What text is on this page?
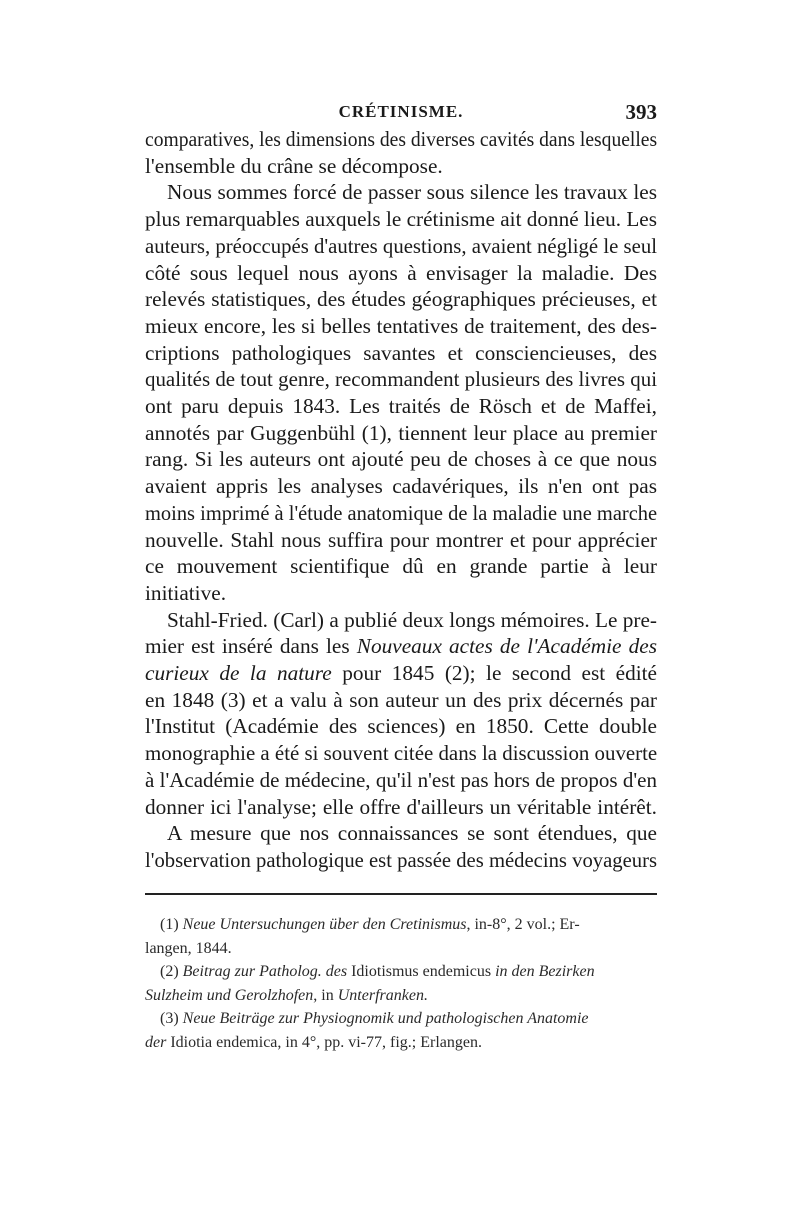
CRÉTINISME.	393
comparatives, les dimensions des diverses cavités dans lesquelles
l'ensemble du crâne se décompose.
Nous sommes forcé de passer sous silence les travaux les
plus remarquables auxquels le crétinisme ait donné lieu. Les
auteurs, préoccupés d'autres questions, avaient négligé le seul
côté sous lequel nous ayons à envisager la maladie. Des
relevés statistiques, des études géographiques précieuses, et
mieux encore, les si belles tentatives de traitement, des des-
criptions pathologiques savantes et consciencieuses, des
qualités de tout genre, recommandent plusieurs des livres qui
ont paru depuis 1843. Les traités de Rösch et de Maffei,
annotés par Guggenbühl (1), tiennent leur place au premier
rang. Si les auteurs ont ajouté peu de choses à ce que nous
avaient appris les analyses cadavériques, ils n'en ont pas
moins imprimé à l'étude anatomique de la maladie une marche
nouvelle. Stahl nous suffira pour montrer et pour apprécier
ce mouvement scientifique dû en grande partie à leur
initiative.
Stahl-Fried. (Carl) a publié deux longs mémoires. Le pre-
mier est inséré dans les Nouveaux actes de l'Académie des
curieux de la nature pour 1845 (2); le second est édité
en 1848 (3) et a valu à son auteur un des prix décernés par
l'Institut (Académie des sciences) en 1850. Cette double
monographie a été si souvent citée dans la discussion ouverte
à l'Académie de médecine, qu'il n'est pas hors de propos d'en
donner ici l'analyse; elle offre d'ailleurs un véritable intérêt.
A mesure que nos connaissances se sont étendues, que
l'observation pathologique est passée des médecins voyageurs
(1) Neue Untersuchungen über den Cretinismus, in-8°, 2 vol.; Er-
langen, 1844.
(2) Beitrag zur Patholog. des Idiotismus endemicus in den Bezirken
Sulzheim und Gerolzhofen, in Unterfranken.
(3) Neue Beiträge zur Physiognomik und pathologischen Anatomie
der Idiotia endemica, in 4°, pp. vi-77, fig.; Erlangen.
